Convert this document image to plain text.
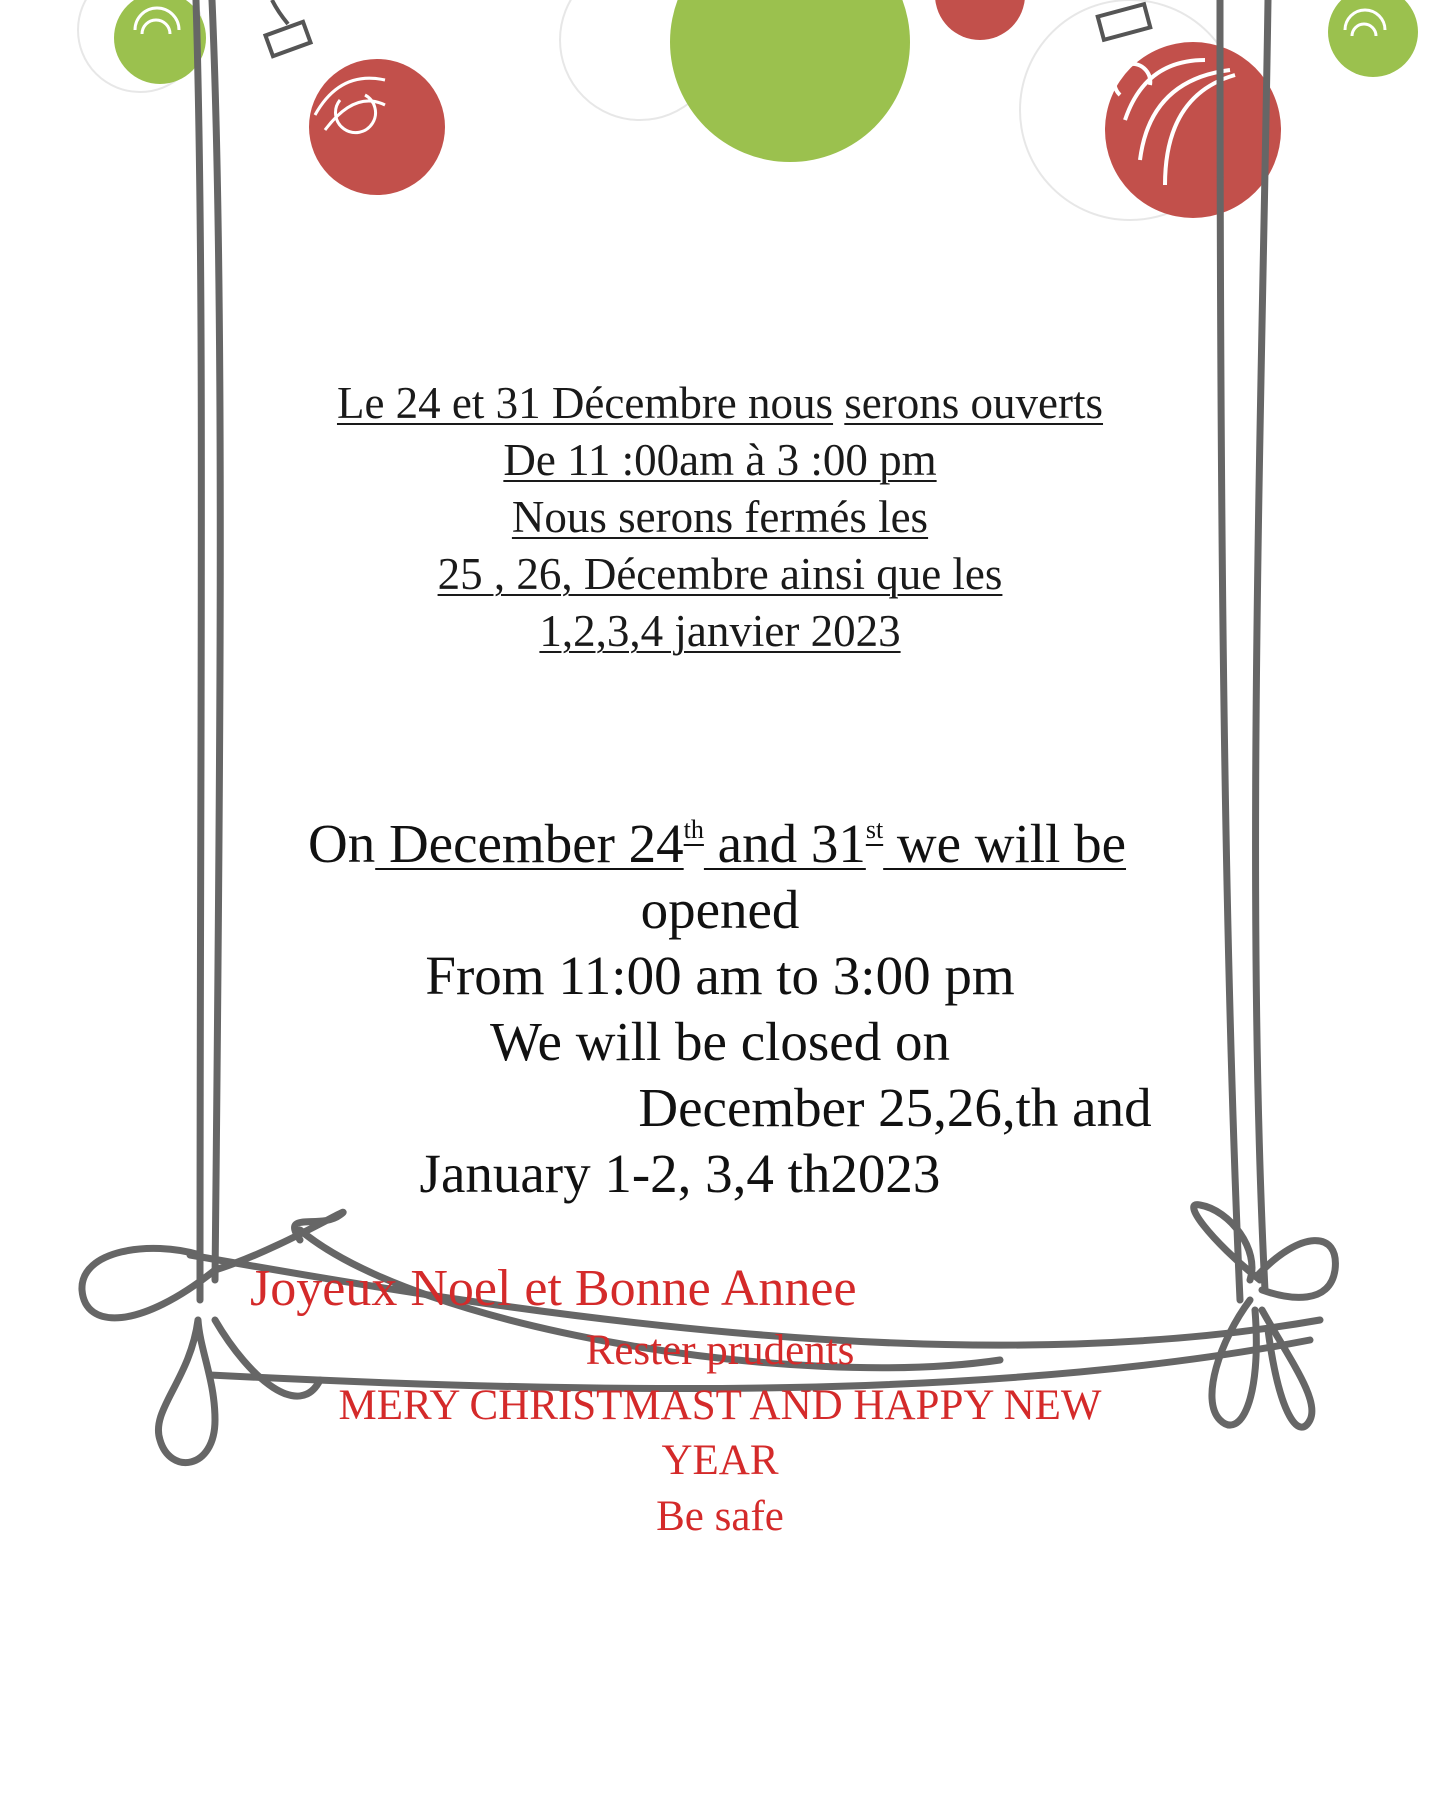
Le 24 et 31 Décembre nous serons ouverts
De 11 :00am à 3 :00 pm
Nous serons fermés les
25 , 26, Décembre ainsi que les
1,2,3,4 janvier 2023
On December 24th and 31st we will be
opened
From 11:00 am to 3:00 pm
We will be closed on
December 25,26,th and
January 1-2, 3,4 th2023
Joyeux Noel et Bonne Annee
Rester prudents
MERY CHRISTMAST AND HAPPY NEW
YEAR
Be safe
